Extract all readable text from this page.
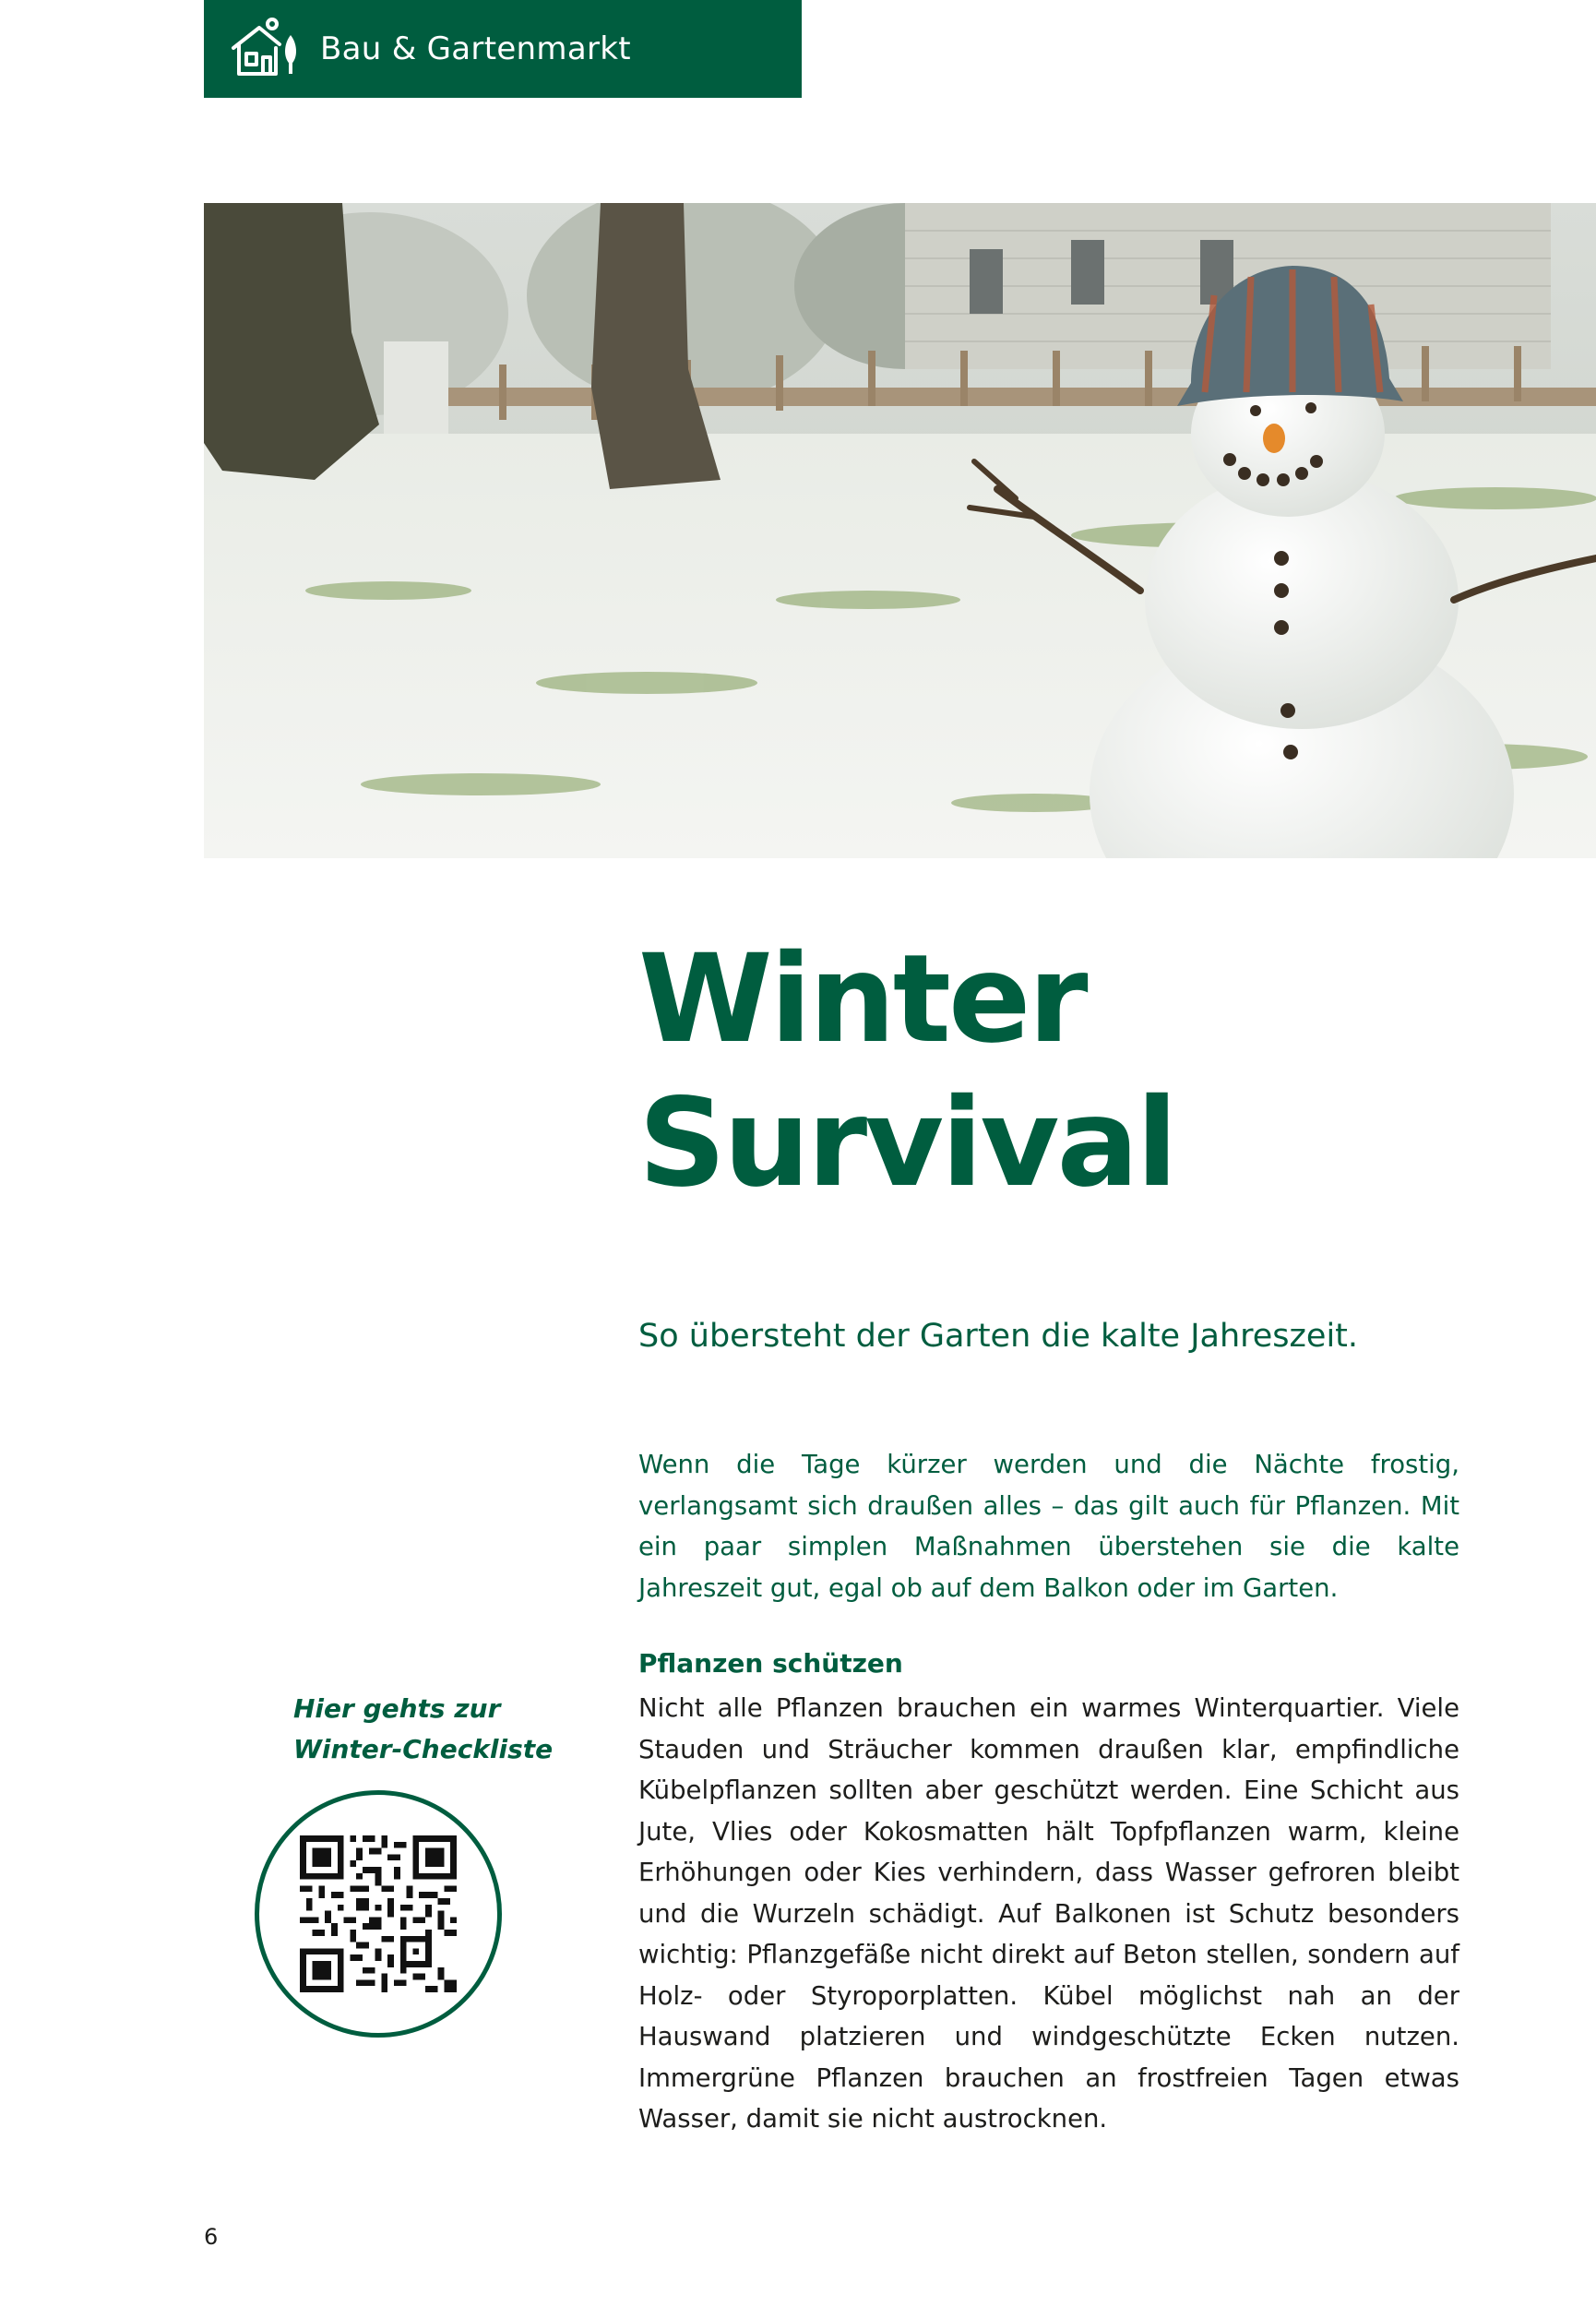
Bau & Gartenmarkt
Winter
Survival

So übersteht der Garten die kalte Jahreszeit.

Wenn die Tage kürzer werden und die Nächte frostig, verlangsamt sich draußen alles – das gilt auch für Pflanzen. Mit ein paar simplen Maßnahmen überstehen sie die kalte Jahreszeit gut, egal ob auf dem Balkon oder im Garten.

Pflanzen schützen

Nicht alle Pflanzen brauchen ein warmes Winterquartier. Viele Stauden und Sträucher kommen draußen klar, empfindliche Kübelpflanzen sollten aber geschützt werden. Eine Schicht aus Jute, Vlies oder Kokosmatten hält Topfpflanzen warm, kleine Erhöhungen oder Kies verhindern, dass Wasser gefroren bleibt und die Wurzeln schädigt. Auf Balkonen ist Schutz besonders wichtig: Pflanzgefäße nicht direkt auf Beton stellen, sondern auf Holz- oder Styroporplatten. Kübel möglichst nah an der Hauswand platzieren und windgeschützte Ecken nutzen. Immergrüne Pflanzen brauchen an frostfreien Tagen etwas Wasser, damit sie nicht austrocknen.

Hier gehts zur
Winter-Checkliste

6
